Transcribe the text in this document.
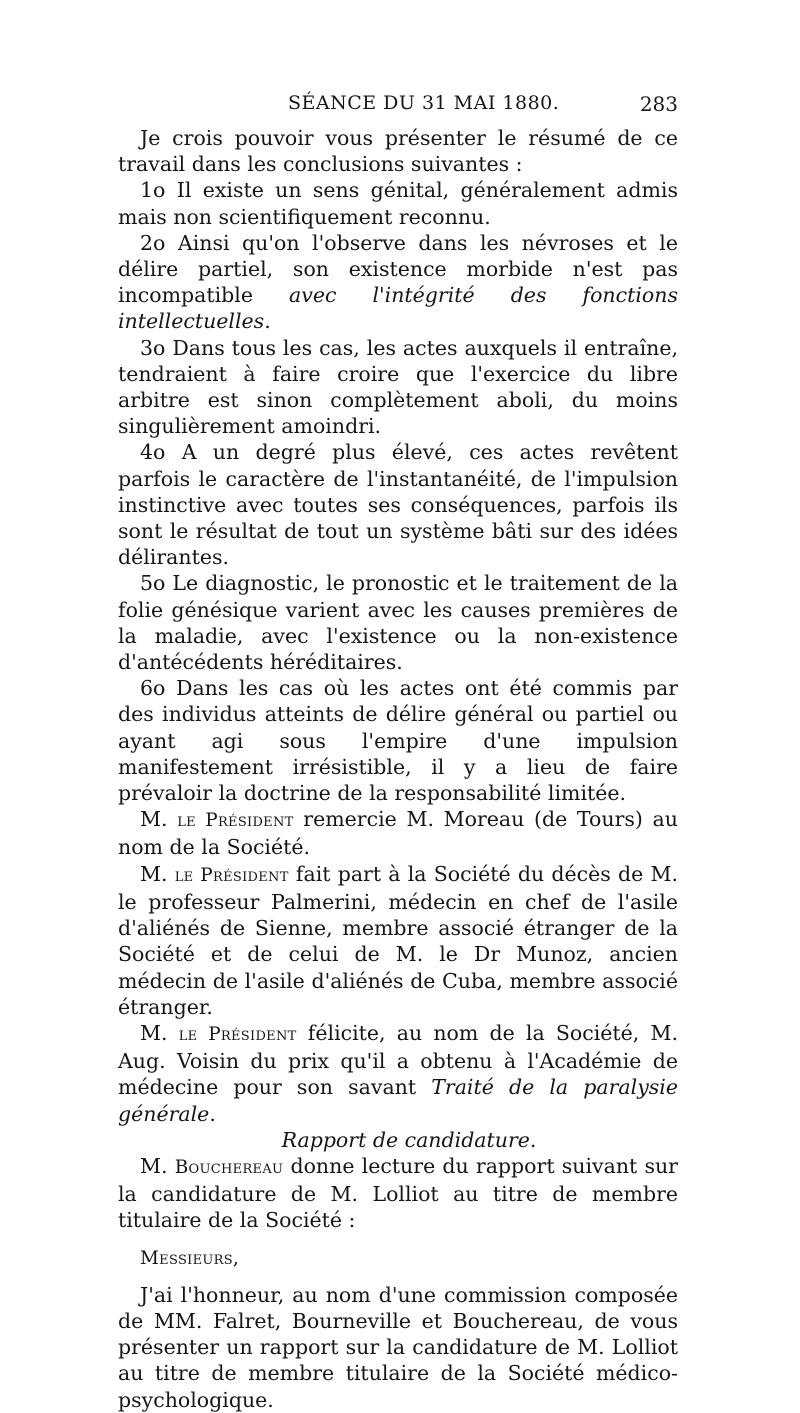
SÉANCE DU 31 MAI 1880.	283

Je crois pouvoir vous présenter le résumé de ce travail dans les conclusions suivantes :

1o Il existe un sens génital, généralement admis mais non scientifiquement reconnu.

2o Ainsi qu'on l'observe dans les névroses et le délire partiel, son existence morbide n'est pas incompatible avec l'intégrité des fonctions intellectuelles.

3o Dans tous les cas, les actes auxquels il entraîne, tendraient à faire croire que l'exercice du libre arbitre est sinon complètement aboli, du moins singulièrement amoindri.

4o A un degré plus élevé, ces actes revêtent parfois le caractère de l'instantanéité, de l'impulsion instinctive avec toutes ses conséquences, parfois ils sont le résultat de tout un système bâti sur des idées délirantes.

5o Le diagnostic, le pronostic et le traitement de la folie génésique varient avec les causes premières de la maladie, avec l'existence ou la non-existence d'antécédents héréditaires.

6o Dans les cas où les actes ont été commis par des individus atteints de délire général ou partiel ou ayant agi sous l'empire d'une impulsion manifestement irrésistible, il y a lieu de faire prévaloir la doctrine de la responsabilité limitée.

M. le Président remercie M. Moreau (de Tours) au nom de la Société.

M. le Président fait part à la Société du décès de M. le professeur Palmerini, médecin en chef de l'asile d'aliénés de Sienne, membre associé étranger de la Société et de celui de M. le Dr Munoz, ancien médecin de l'asile d'aliénés de Cuba, membre associé étranger.

M. le Président félicite, au nom de la Société, M. Aug. Voisin du prix qu'il a obtenu à l'Académie de médecine pour son savant Traité de la paralysie générale.

Rapport de candidature.

M. Bouchereau donne lecture du rapport suivant sur la candidature de M. Lolliot au titre de membre titulaire de la Société :

Messieurs,

J'ai l'honneur, au nom d'une commission composée de MM. Falret, Bourneville et Bouchereau, de vous présenter un rapport sur la candidature de M. Lolliot au titre de membre titulaire de la Société médico-psychologique.
